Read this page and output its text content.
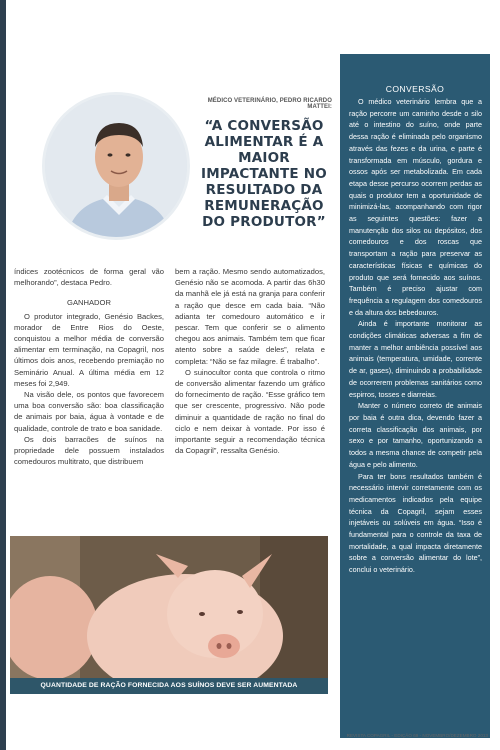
MÉDICO VETERINÁRIO, PEDRO RICARDO MATTEI:
“A CONVERSÃO ALIMENTAR É A MAIOR IMPACTANTE NO RESULTADO DA REMUNERAÇÃO DO PRODUTOR”

índices zootécnicos de forma geral vão melhorando”, destaca Pedro.

GANHADOR

O produtor integrado, Genésio Backes, morador de Entre Rios do Oeste, conquistou a melhor média de conversão alimentar em terminação, na Copagril, nos últimos dois anos, recebendo premiação no Seminário Anual. A última média em 12 meses foi 2,949.

Na visão dele, os pontos que favorecem uma boa conversão são: boa classificação de animais por baia, água à vontade e de qualidade, controle de trato e boa sanidade.

Os dois barracões de suínos na propriedade dele possuem instalados comedouros multitrato, que distribuem

bem a ração. Mesmo sendo automatizados, Genésio não se acomoda. A partir das 6h30 da manhã ele já está na granja para conferir a ração que desce em cada baia. “Não adianta ter comedouro automático e ir pescar. Tem que conferir se o alimento chegou aos animais. Também tem que ficar atento sobre a saúde deles”, relata e completa: “Não se faz milagre. É trabalho”.

O suinocultor conta que controla o ritmo de conversão alimentar fazendo um gráfico do fornecimento de ração. “Esse gráfico tem que ser crescente, progressivo. Não pode diminuir a quantidade de ração no final do ciclo e nem deixar à vontade. Por isso é importante seguir a recomendação técnica da Copagril”, ressalta Genésio.

QUANTIDADE DE RAÇÃO FORNECIDA AOS SUÍNOS DEVE SER AUMENTADA GRADATIVAMENTE
CONVERSÃO

O médico veterinário lembra que a ração percorre um caminho desde o silo até o intestino do suíno, onde parte dessa ração é eliminada pelo organismo através das fezes e da urina, e parte é transformada em músculo, gordura e ossos após ser metabolizada. Em cada etapa desse percurso ocorrem perdas as quais o produtor tem a oportunidade de minimizá-las, acompanhando com rigor as seguintes questões: fazer a manutenção dos silos ou depósitos, dos comedouros e dos roscas que transportam a ração para preservar as características físicas e químicas do produto que será fornecido aos suínos. Também é preciso ajustar com frequência a regulagem dos comedouros e da altura dos bebedouros.

Ainda é importante monitorar as condições climáticas adversas a fim de manter a melhor ambiência possível aos animais (temperatura, umidade, corrente de ar, gases), diminuindo a probabilidade de ocorrerem problemas sanitários como espirros, tosses e diarreias.

Manter o número correto de animais por baia é outra dica, devendo fazer a correta classificação dos animais, por sexo e por tamanho, oportunizando a todos a mesma chance de competir pela água e pelo alimento.

Para ter bons resultados também é necessário intervir corretamente com os medicamentos indicados pela equipe técnica da Copagril, sejam esses injetáveis ou solúveis em água. “Isso é fundamental para o controle da taxa de mortalidade, a qual impacta diretamente sobre a conversão alimentar do lote”, conclui o veterinário.

REVISTA COPAGRIL - EDIÇÃO 69 - NOVEMBRO/DEZEMBRO 2013
